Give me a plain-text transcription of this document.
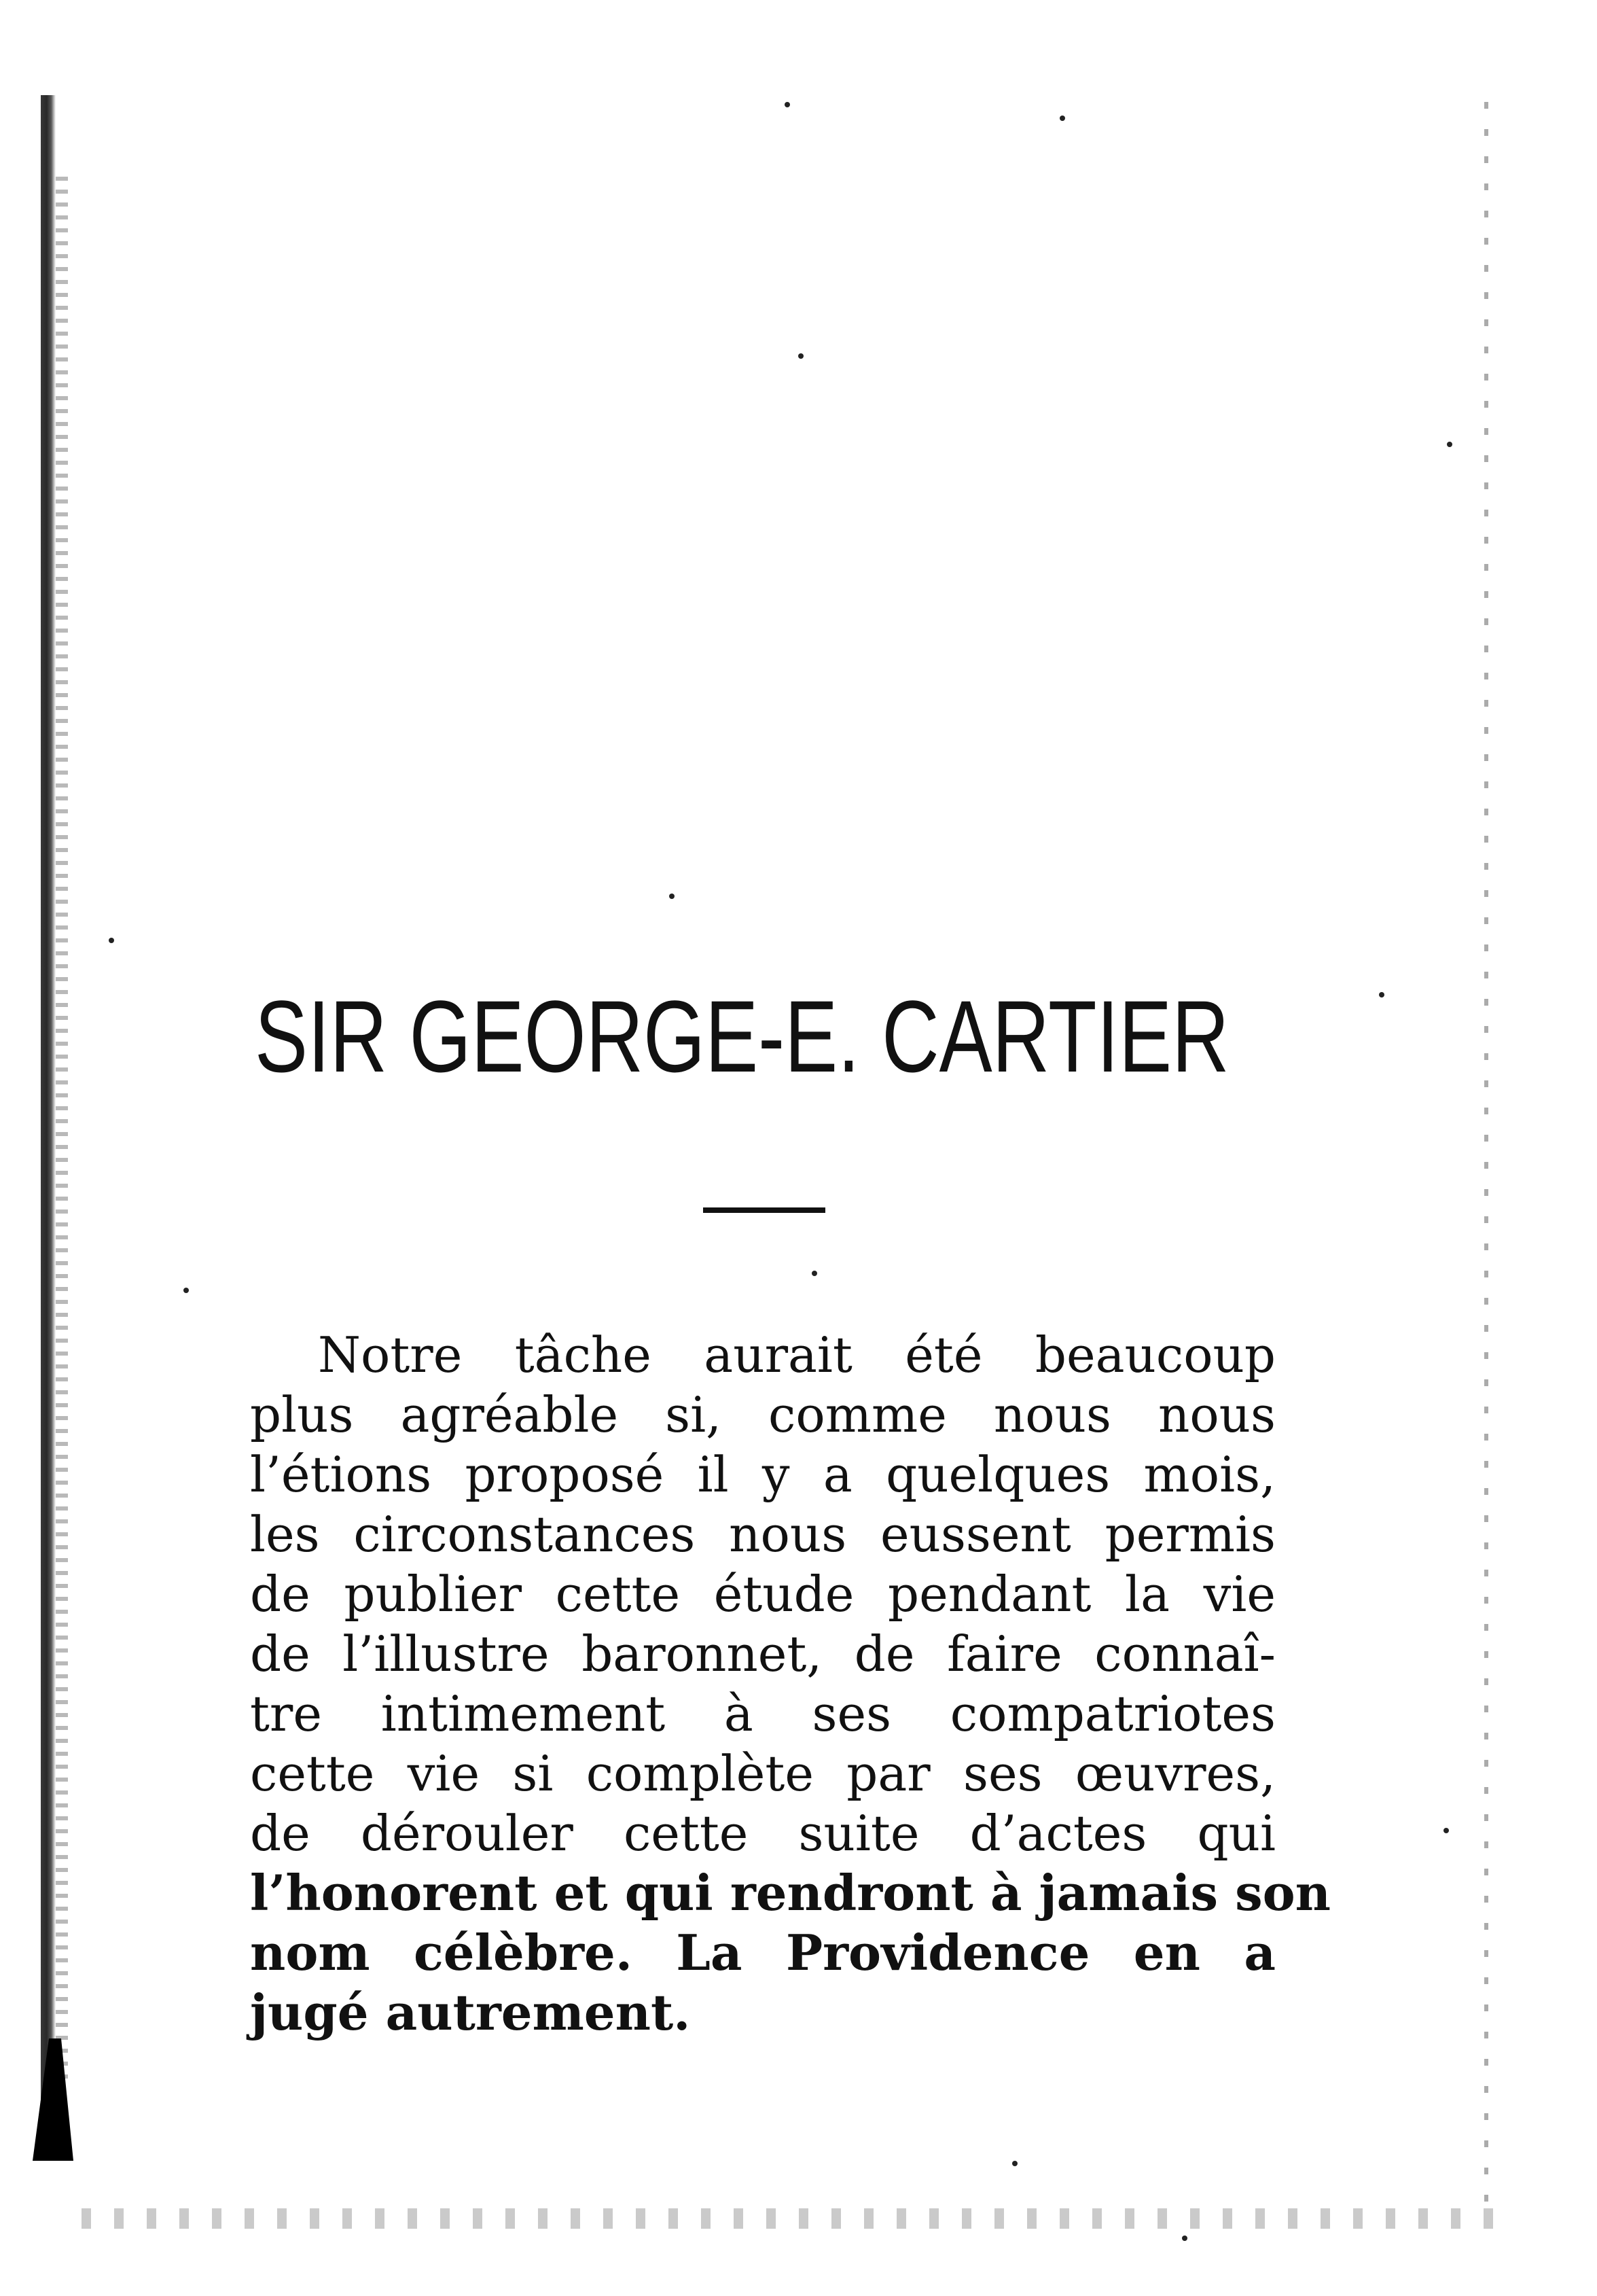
SIR GEORGE-E. CARTIER
Notre tâche aurait été beaucoup
plus agréable si, comme nous nous
l’étions proposé il y a quelques mois,
les circonstances nous eussent permis
de publier cette étude pendant la vie
de l’illustre baronnet, de faire connaî-
tre intimement à ses compatriotes
cette vie si complète par ses œuvres,
de dérouler cette suite d’actes qui
l’honorent et qui rendront à jamais son
nom célèbre. La Providence en a
jugé autrement.
